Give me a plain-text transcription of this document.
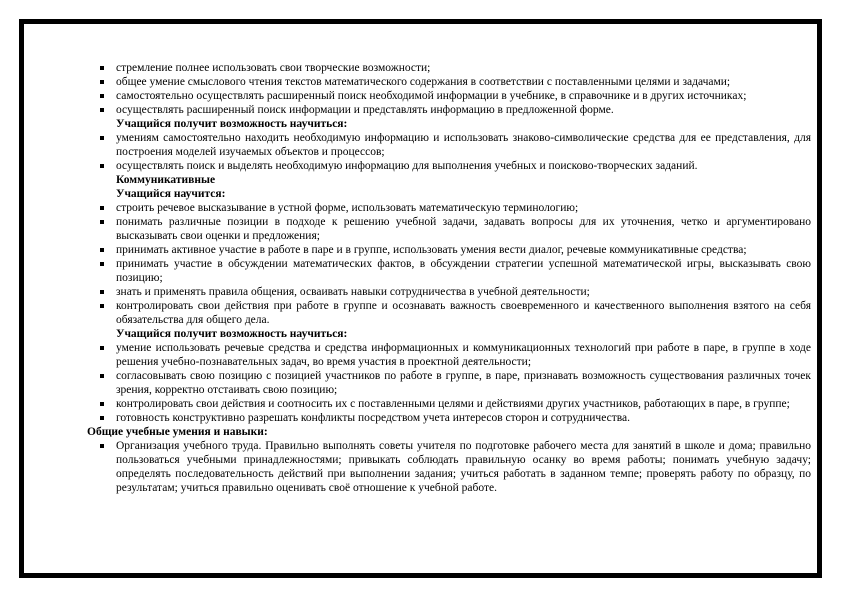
стремление полнее использовать свои творческие возможности;
общее умение смыслового чтения текстов математического содержания в соответствии с поставленными целями и задачами;
самостоятельно осуществлять расширенный поиск необходимой информации в учебнике, в справочнике и в других источниках;
осуществлять расширенный поиск информации и представлять информацию в предложенной форме.
Учащийся получит возможность научиться:
умениям самостоятельно находить необходимую информацию и использовать знаково-символические средства для ее представления, для построения моделей изучаемых объектов и процессов;
осуществлять поиск и выделять необходимую информацию для выполнения учебных и поисково-творческих заданий.
Коммуникативные
Учащийся научится:
строить речевое высказывание в устной форме, использовать математическую терминологию;
понимать различные позиции в подходе к решению учебной задачи, задавать вопросы для их уточнения, четко и аргументировано высказывать свои оценки и предложения;
принимать активное участие в работе в паре и в группе, использовать умения вести диалог, речевые коммуникативные средства;
принимать участие в обсуждении математических фактов, в обсуждении стратегии успешной математической игры, высказывать свою позицию;
знать и применять правила общения, осваивать навыки сотрудничества в учебной деятельности;
контролировать свои действия при работе в группе и осознавать важность своевременного и качественного выполнения взятого на себя обязательства для общего дела.
Учащийся получит возможность научиться:
умение использовать речевые средства и средства информационных и коммуникационных технологий при работе в паре, в группе в ходе решения учебно-познавательных задач, во время участия в проектной деятельности;
согласовывать свою позицию с позицией участников по работе в группе, в паре, признавать возможность существования различных точек зрения, корректно отстаивать свою позицию;
контролировать свои действия и соотносить их с поставленными целями и действиями других участников, работающих в паре, в группе;
готовность конструктивно разрешать конфликты посредством учета интересов сторон и сотрудничества.
Общие учебные умения и навыки:
Организация учебного труда. Правильно выполнять советы учителя по подготовке рабочего места для занятий в школе и дома; правильно пользоваться учебными принадлежностями; привыкать соблюдать правильную осанку во время работы; понимать учебную задачу; определять последовательность действий при выполнении задания; учиться работать в заданном темпе; проверять работу по образцу, по результатам; учиться правильно оценивать своё отношение к учебной работе.
